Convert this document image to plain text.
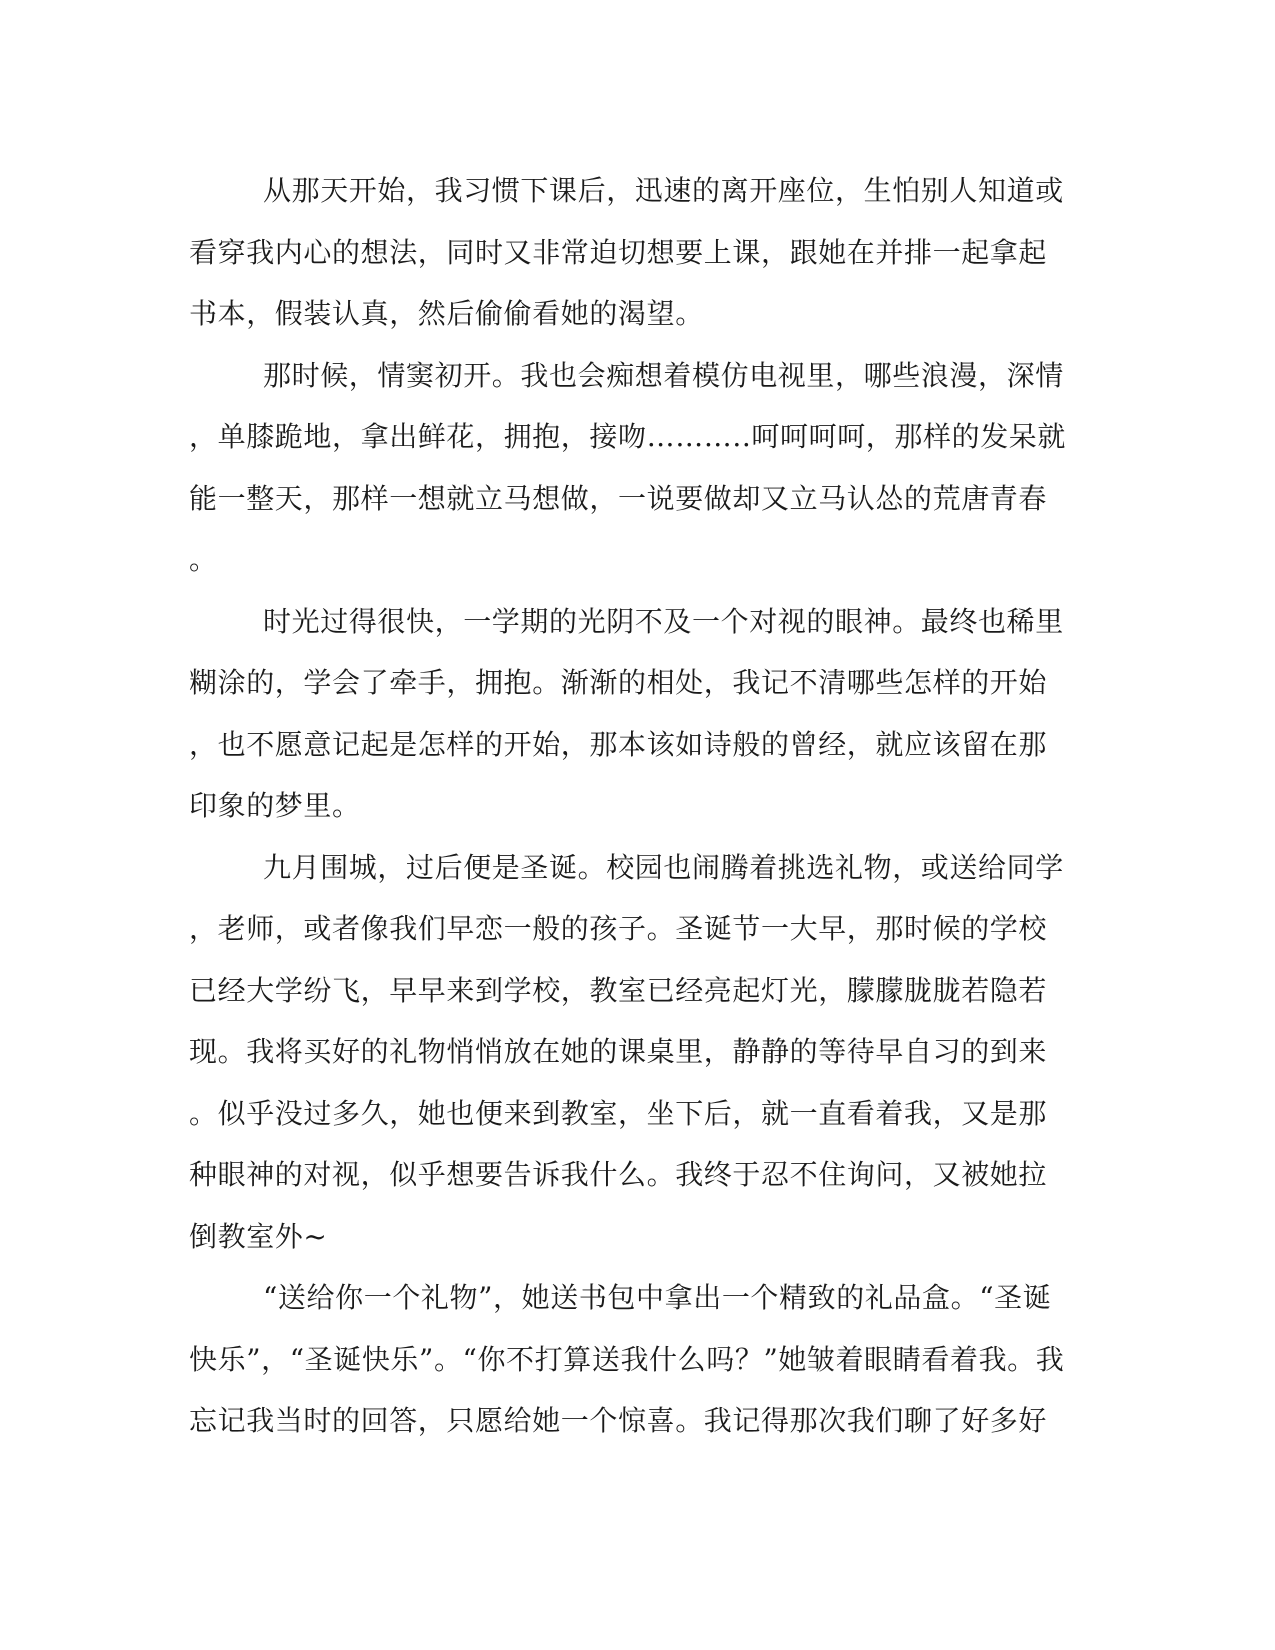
从那天开始，我习惯下课后，迅速的离开座位，生怕别人知道或
看穿我内心的想法，同时又非常迫切想要上课，跟她在并排一起拿起
书本，假装认真，然后偷偷看她的渴望。
那时候，情窦初开。我也会痴想着模仿电视里，哪些浪漫，深情
，单膝跪地，拿出鲜花，拥抱，接吻………..呵呵呵呵，那样的发呆就
能一整天，那样一想就立马想做，一说要做却又立马认怂的荒唐青春
。
时光过得很快，一学期的光阴不及一个对视的眼神。最终也稀里
糊涂的，学会了牵手，拥抱。渐渐的相处，我记不清哪些怎样的开始
，也不愿意记起是怎样的开始，那本该如诗般的曾经，就应该留在那
印象的梦里。
九月围城，过后便是圣诞。校园也闹腾着挑选礼物，或送给同学
，老师，或者像我们早恋一般的孩子。圣诞节一大早，那时候的学校
已经大学纷飞，早早来到学校，教室已经亮起灯光，朦朦胧胧若隐若
现。我将买好的礼物悄悄放在她的课桌里，静静的等待早自习的到来
。似乎没过多久，她也便来到教室，坐下后，就一直看着我，又是那
种眼神的对视，似乎想要告诉我什么。我终于忍不住询问，又被她拉
倒教室外~
“送给你一个礼物”，她送书包中拿出一个精致的礼品盒。“圣诞
快乐”，“圣诞快乐”。“你不打算送我什么吗？”她皱着眼睛看着我。我
忘记我当时的回答，只愿给她一个惊喜。我记得那次我们聊了好多好
